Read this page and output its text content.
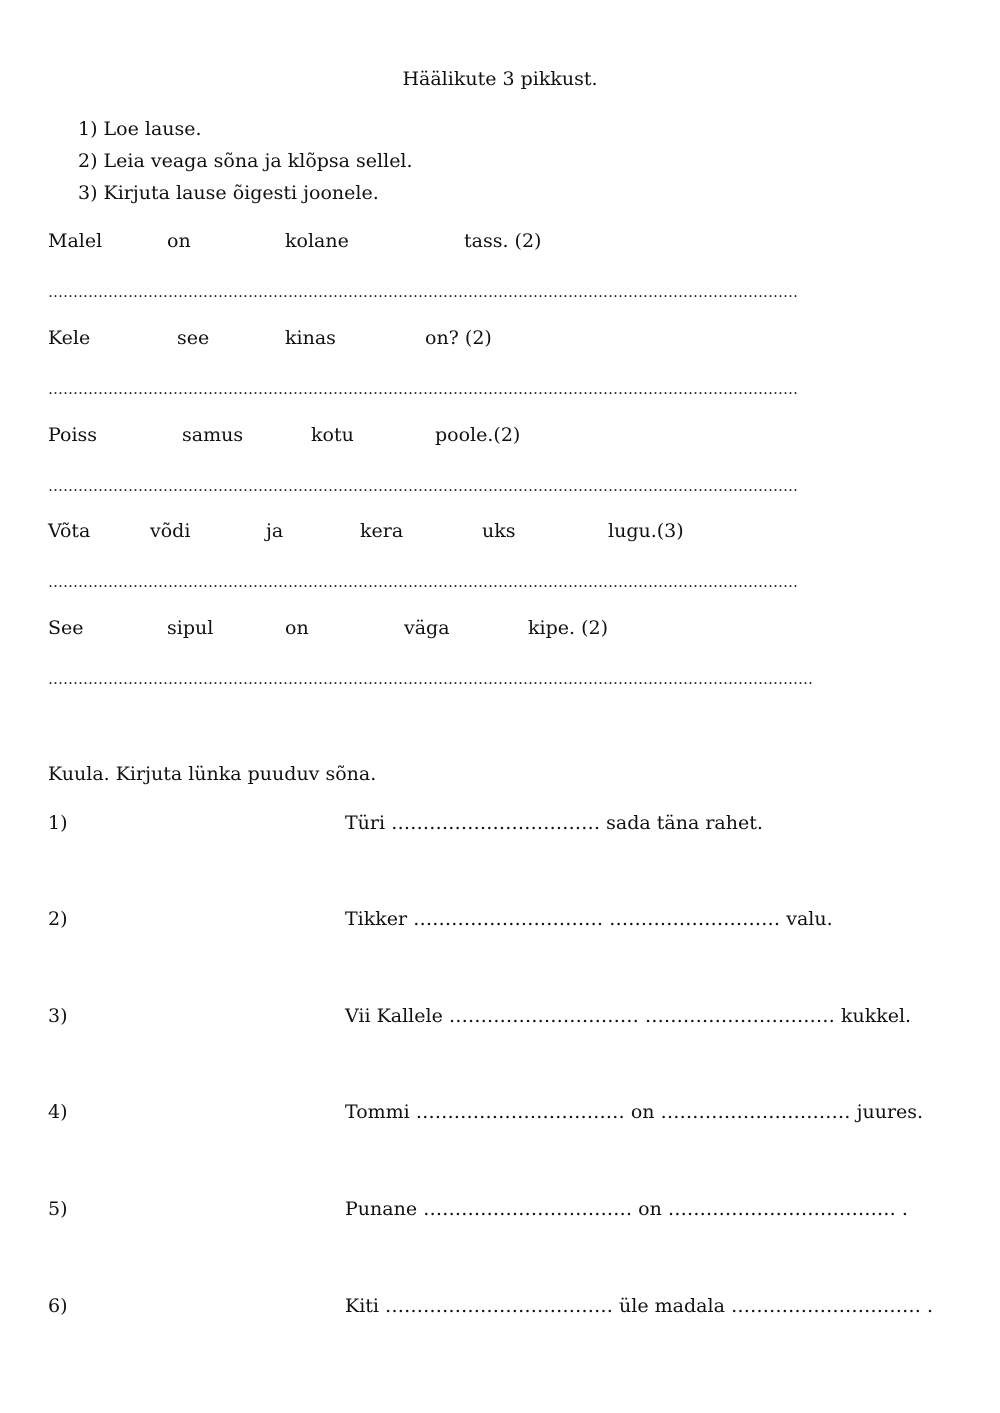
Häälikute 3 pikkust.
1) Loe lause.
2) Leia veaga sõna ja klõpsa sellel.
3) Kirjuta lause õigesti joonele.
Malel	on	kolane	tass. (2)
……………………………………………………………………………………………………………………………………
Kele	see	kinas	on? (2)
……………………………………………………………………………………………………………………………………
Poiss	samus	kotu	poole.(2)
……………………………………………………………………………………………………………………………………
Võta	võdi	ja	kera	uks	lugu.(3)
……………………………………………………………………………………………………………………………………
See	sipul	on	väga	kipe. (2)
………………………………………………………………………………………………………………………………………
Kuula. Kirjuta lünka puuduv sõna.
1)	Türi …………………………… sada täna rahet.
2)	Tikker ………………………… ……………………… valu.
3)	Vii Kallele ………………………… ………………………… kukkel.
4)	Tommi …………………………… on ………………………… juures.
5)	Punane …………………………… on ……………………………… .
6)	Kiti ……………………………… üle madala ………………………… .
